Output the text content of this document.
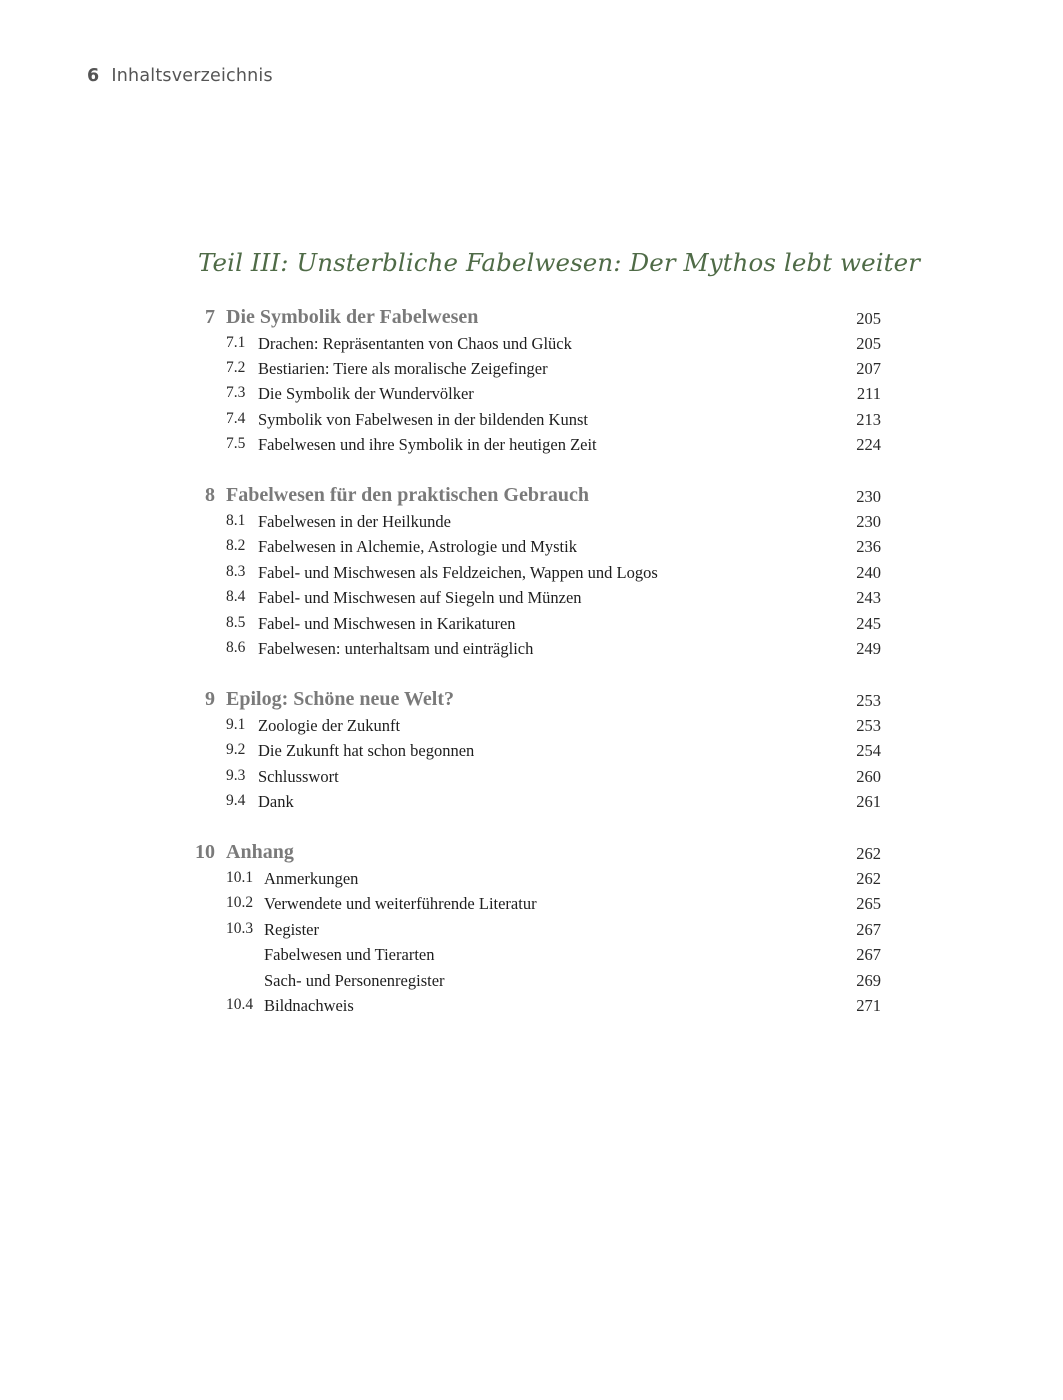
6 Inhaltsverzeichnis
Teil III: Unsterbliche Fabelwesen: Der Mythos lebt weiter
7 Die Symbolik der Fabelwesen	205
7.1 Drachen: Repräsentanten von Chaos und Glück	205
7.2 Bestiarien: Tiere als moralische Zeigefinger	207
7.3 Die Symbolik der Wundervölker	211
7.4 Symbolik von Fabelwesen in der bildenden Kunst	213
7.5 Fabelwesen und ihre Symbolik in der heutigen Zeit	224
8 Fabelwesen für den praktischen Gebrauch	230
8.1 Fabelwesen in der Heilkunde	230
8.2 Fabelwesen in Alchemie, Astrologie und Mystik	236
8.3 Fabel- und Mischwesen als Feldzeichen, Wappen und Logos	240
8.4 Fabel- und Mischwesen auf Siegeln und Münzen	243
8.5 Fabel- und Mischwesen in Karikaturen	245
8.6 Fabelwesen: unterhaltsam und einträglich	249
9 Epilog: Schöne neue Welt?	253
9.1 Zoologie der Zukunft	253
9.2 Die Zukunft hat schon begonnen	254
9.3 Schlusswort	260
9.4 Dank	261
10 Anhang	262
10.1 Anmerkungen	262
10.2 Verwendete und weiterführende Literatur	265
10.3 Register	267
Fabelwesen und Tierarten	267
Sach- und Personenregister	269
10.4 Bildnachweis	271
